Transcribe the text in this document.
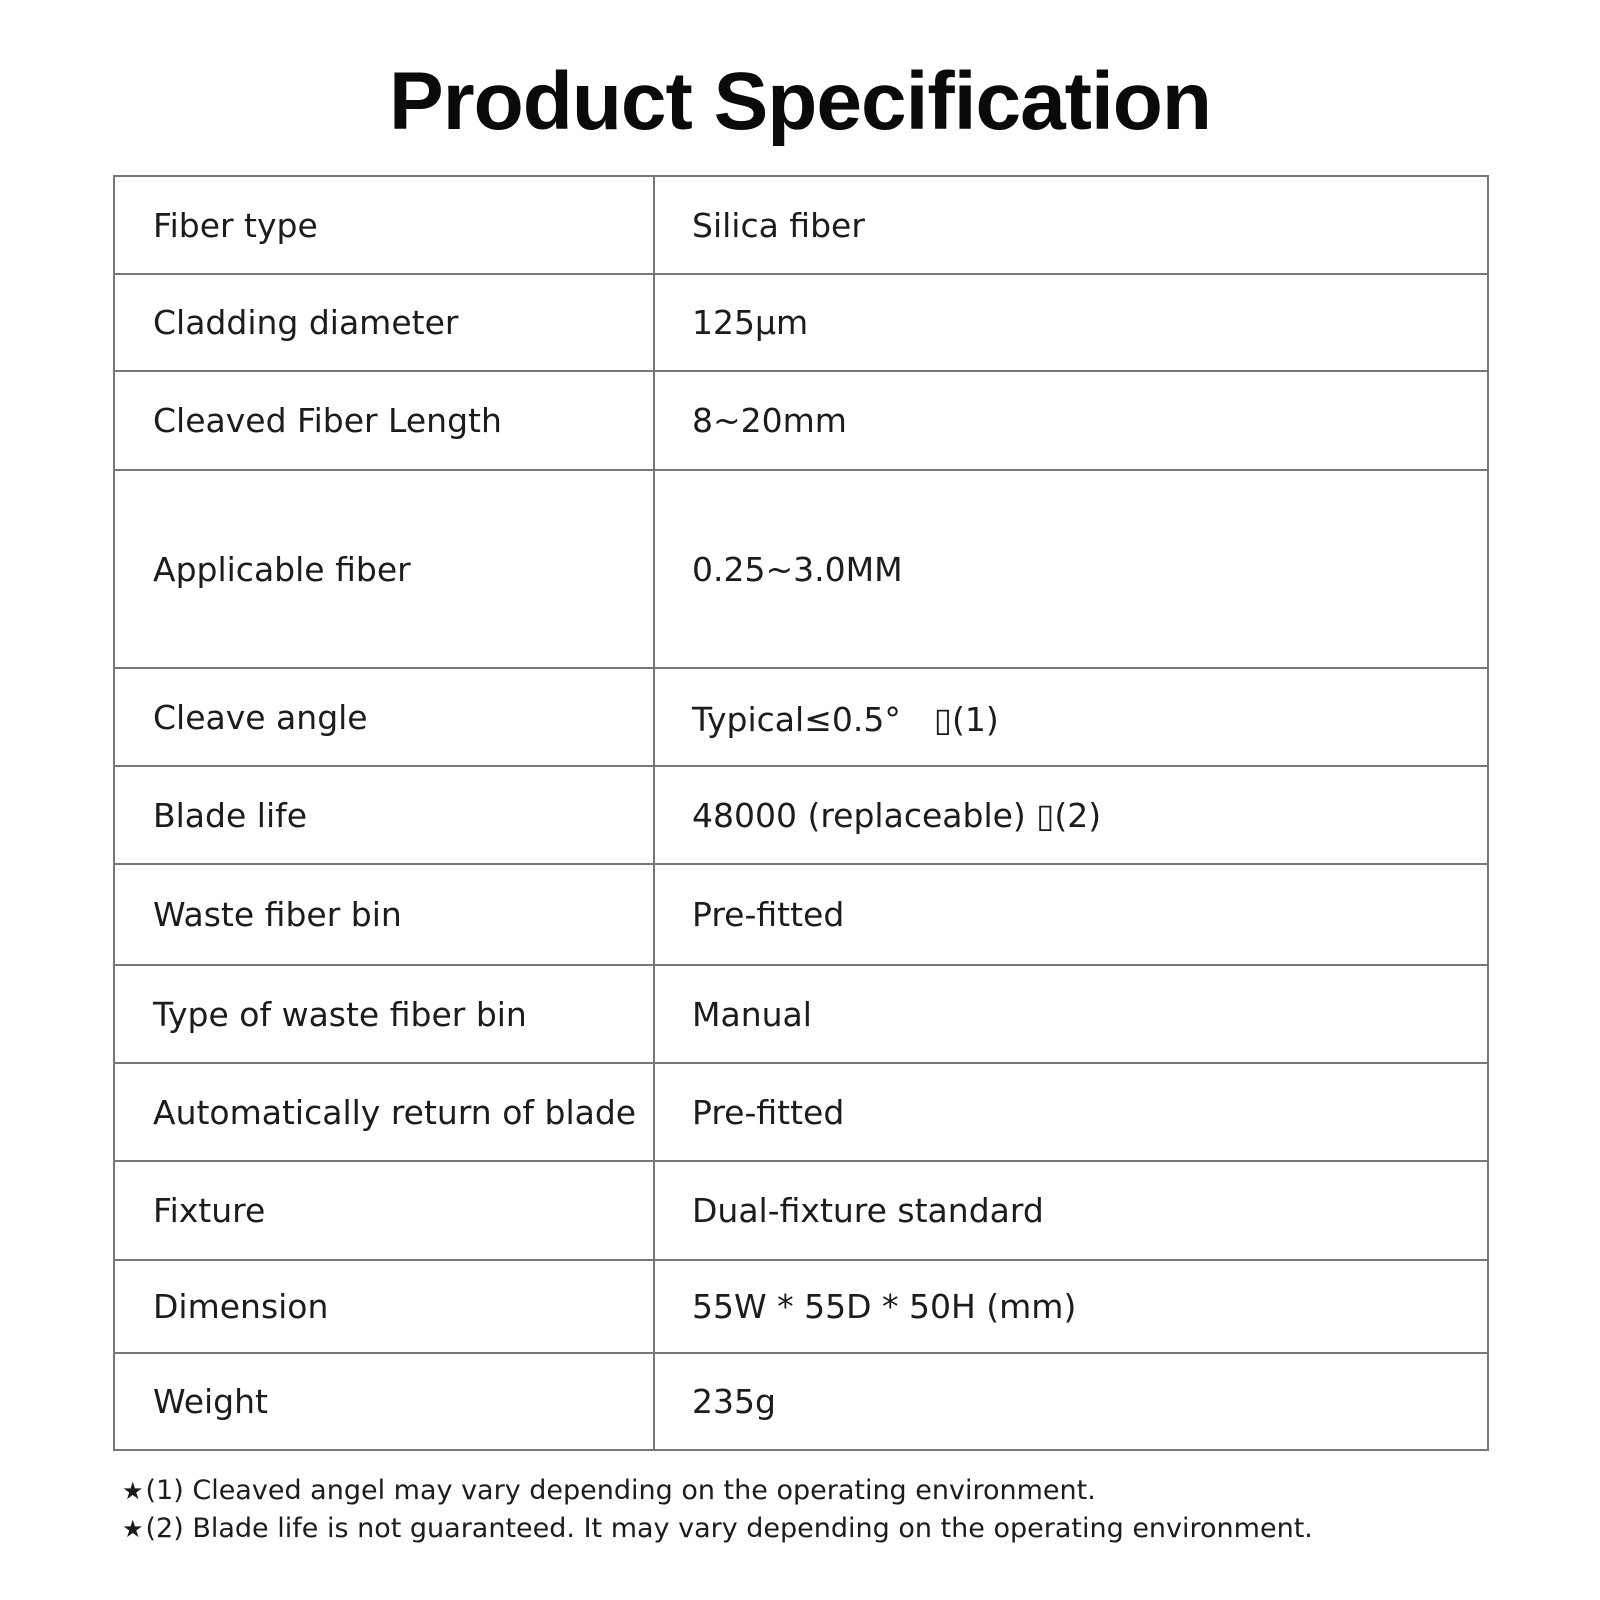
Product Specification
Fiber type	Silica fiber
Cladding diameter	125μm
Cleaved Fiber Length	8~20mm
Applicable fiber	0.25~3.0MM
Cleave angle	Typical≤0.5°　▯(1)
Blade life	48000 (replaceable) ▯(2)
Waste fiber bin	Pre-fitted
Type of waste fiber bin	Manual
Automatically return of blade	Pre-fitted
Fixture	Dual-fixture standard
Dimension	55W * 55D * 50H (mm)
Weight	235g
★(1) Cleaved angel may vary depending on the operating environment.
★(2) Blade life is not guaranteed. It may vary depending on the operating environment.
